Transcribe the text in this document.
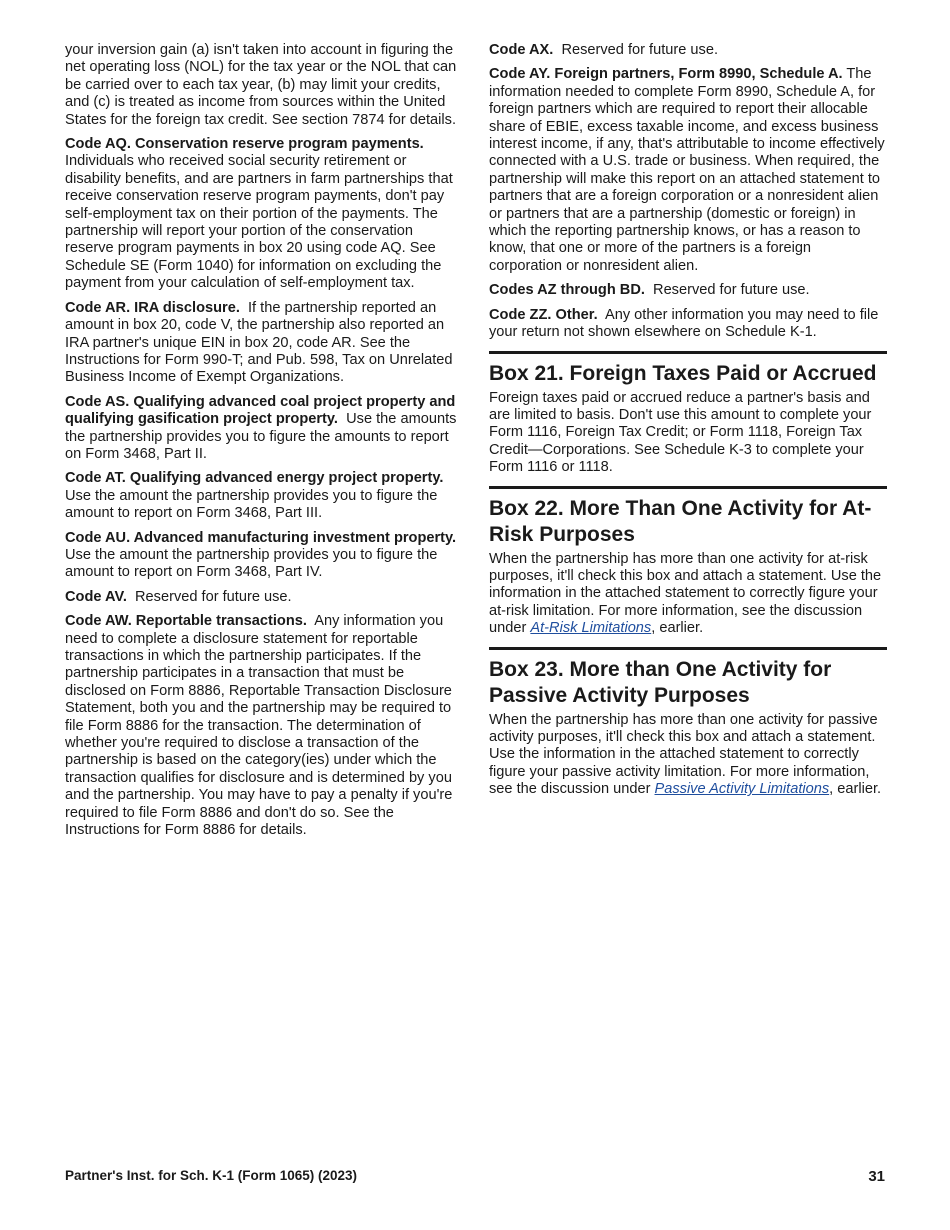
your inversion gain (a) isn't taken into account in figuring the net operating loss (NOL) for the tax year or the NOL that can be carried over to each tax year, (b) may limit your credits, and (c) is treated as income from sources within the United States for the foreign tax credit. See section 7874 for details.

Code AQ. Conservation reserve program payments. Individuals who received social security retirement or disability benefits, and are partners in farm partnerships that receive conservation reserve program payments, don't pay self-employment tax on their portion of the payments. The partnership will report your portion of the conservation reserve program payments in box 20 using code AQ. See Schedule SE (Form 1040) for information on excluding the payment from your calculation of self-employment tax.

Code AR. IRA disclosure. If the partnership reported an amount in box 20, code V, the partnership also reported an IRA partner's unique EIN in box 20, code AR. See the Instructions for Form 990-T; and Pub. 598, Tax on Unrelated Business Income of Exempt Organizations.

Code AS. Qualifying advanced coal project property and qualifying gasification project property. Use the amounts the partnership provides you to figure the amounts to report on Form 3468, Part II.

Code AT. Qualifying advanced energy project property.  Use the amount the partnership provides you to figure the amount to report on Form 3468, Part III.

Code AU. Advanced manufacturing investment property.  Use the amount the partnership provides you to figure the amount to report on Form 3468, Part IV.

Code AV. Reserved for future use.

Code AW. Reportable transactions. Any information you need to complete a disclosure statement for reportable transactions in which the partnership participates. If the partnership participates in a transaction that must be disclosed on Form 8886, Reportable Transaction Disclosure Statement, both you and the partnership may be required to file Form 8886 for the transaction. The determination of whether you're required to disclose a transaction of the partnership is based on the category(ies) under which the transaction qualifies for disclosure and is determined by you and the partnership. You may have to pay a penalty if you're required to file Form 8886 and don't do so. See the Instructions for Form 8886 for details.

Code AX. Reserved for future use.

Code AY. Foreign partners, Form 8990, Schedule A. The information needed to complete Form 8990, Schedule A, for foreign partners which are required to report their allocable share of EBIE, excess taxable income, and excess business interest income, if any, that's attributable to income effectively connected with a U.S. trade or business. When required, the partnership will make this report on an attached statement to partners that are a foreign corporation or a nonresident alien or partners that are a partnership (domestic or foreign) in which the reporting partnership knows, or has a reason to know, that one or more of the partners is a foreign corporation or nonresident alien.

Codes AZ through BD. Reserved for future use.

Code ZZ. Other. Any other information you may need to file your return not shown elsewhere on Schedule K-1.

Box 21. Foreign Taxes Paid or Accrued

Foreign taxes paid or accrued reduce a partner's basis and are limited to basis. Don't use this amount to complete your Form 1116, Foreign Tax Credit; or Form 1118, Foreign Tax Credit—Corporations. See Schedule K-3 to complete your Form 1116 or 1118.

Box 22. More Than One Activity for At-Risk Purposes

When the partnership has more than one activity for at-risk purposes, it'll check this box and attach a statement. Use the information in the attached statement to correctly figure your at-risk limitation. For more information, see the discussion under At-Risk Limitations, earlier.

Box 23. More than One Activity for Passive Activity Purposes

When the partnership has more than one activity for passive activity purposes, it'll check this box and attach a statement. Use the information in the attached statement to correctly figure your passive activity limitation. For more information, see the discussion under Passive Activity Limitations, earlier.

Partner's Inst. for Sch. K-1 (Form 1065) (2023)	31
